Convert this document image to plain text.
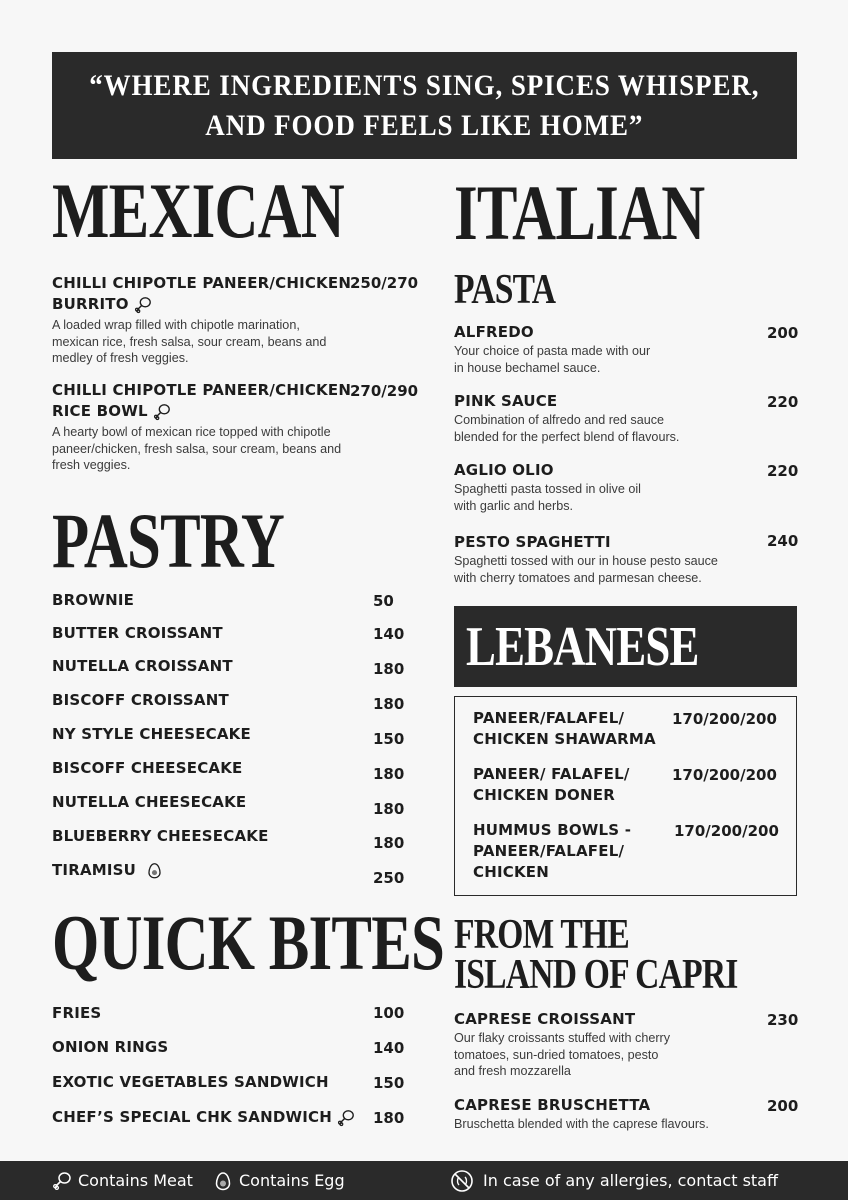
“WHERE INGREDIENTS SING, SPICES WHISPER,
AND FOOD FEELS LIKE HOME”
MEXICAN
CHILLI CHIPOTLE PANEER/CHICKEN BURRITO
A loaded wrap filled with chipotle marination, mexican rice, fresh salsa, sour cream, beans and medley of fresh veggies.
250/270
CHILLI CHIPOTLE PANEER/CHICKEN RICE BOWL
A hearty bowl of mexican rice topped with chipotle paneer/chicken, fresh salsa, sour cream, beans and fresh veggies.
270/290
PASTRY
BROWNIE	50
BUTTER CROISSANT	140
NUTELLA CROISSANT	180
BISCOFF CROISSANT	180
NY STYLE CHEESECAKE	150
BISCOFF CHEESECAKE	180
NUTELLA CHEESECAKE	180
BLUEBERRY CHEESECAKE	180
TIRAMISU	250
QUICK BITES
FRIES	100
ONION RINGS	140
EXOTIC VEGETABLES SANDWICH	150
CHEF’S SPECIAL CHK SANDWICH	180
ITALIAN
PASTA
ALFREDO
Your choice of pasta made with our
in house bechamel sauce.
200
PINK SAUCE
Combination of alfredo and red sauce
blended for the perfect blend of flavours.
220
AGLIO OLIO
Spaghetti pasta tossed in olive oil
with garlic and herbs.
220
PESTO SPAGHETTI
Spaghetti tossed with our in house pesto sauce
with cherry tomatoes and parmesan cheese.
240
LEBANESE
PANEER/FALAFEL/
CHICKEN SHAWARMA
170/200/200
PANEER/ FALAFEL/
CHICKEN DONER
170/200/200
HUMMUS BOWLS -
PANEER/FALAFEL/
CHICKEN
170/200/200
FROM THE
ISLAND OF CAPRI
CAPRESE CROISSANT
Our flaky croissants stuffed with cherry
tomatoes, sun-dried tomatoes, pesto
and fresh mozzarella
230
CAPRESE BRUSCHETTA
Bruschetta blended with the caprese flavours.
200
Contains Meat	Contains Egg	In case of any allergies, contact staff
